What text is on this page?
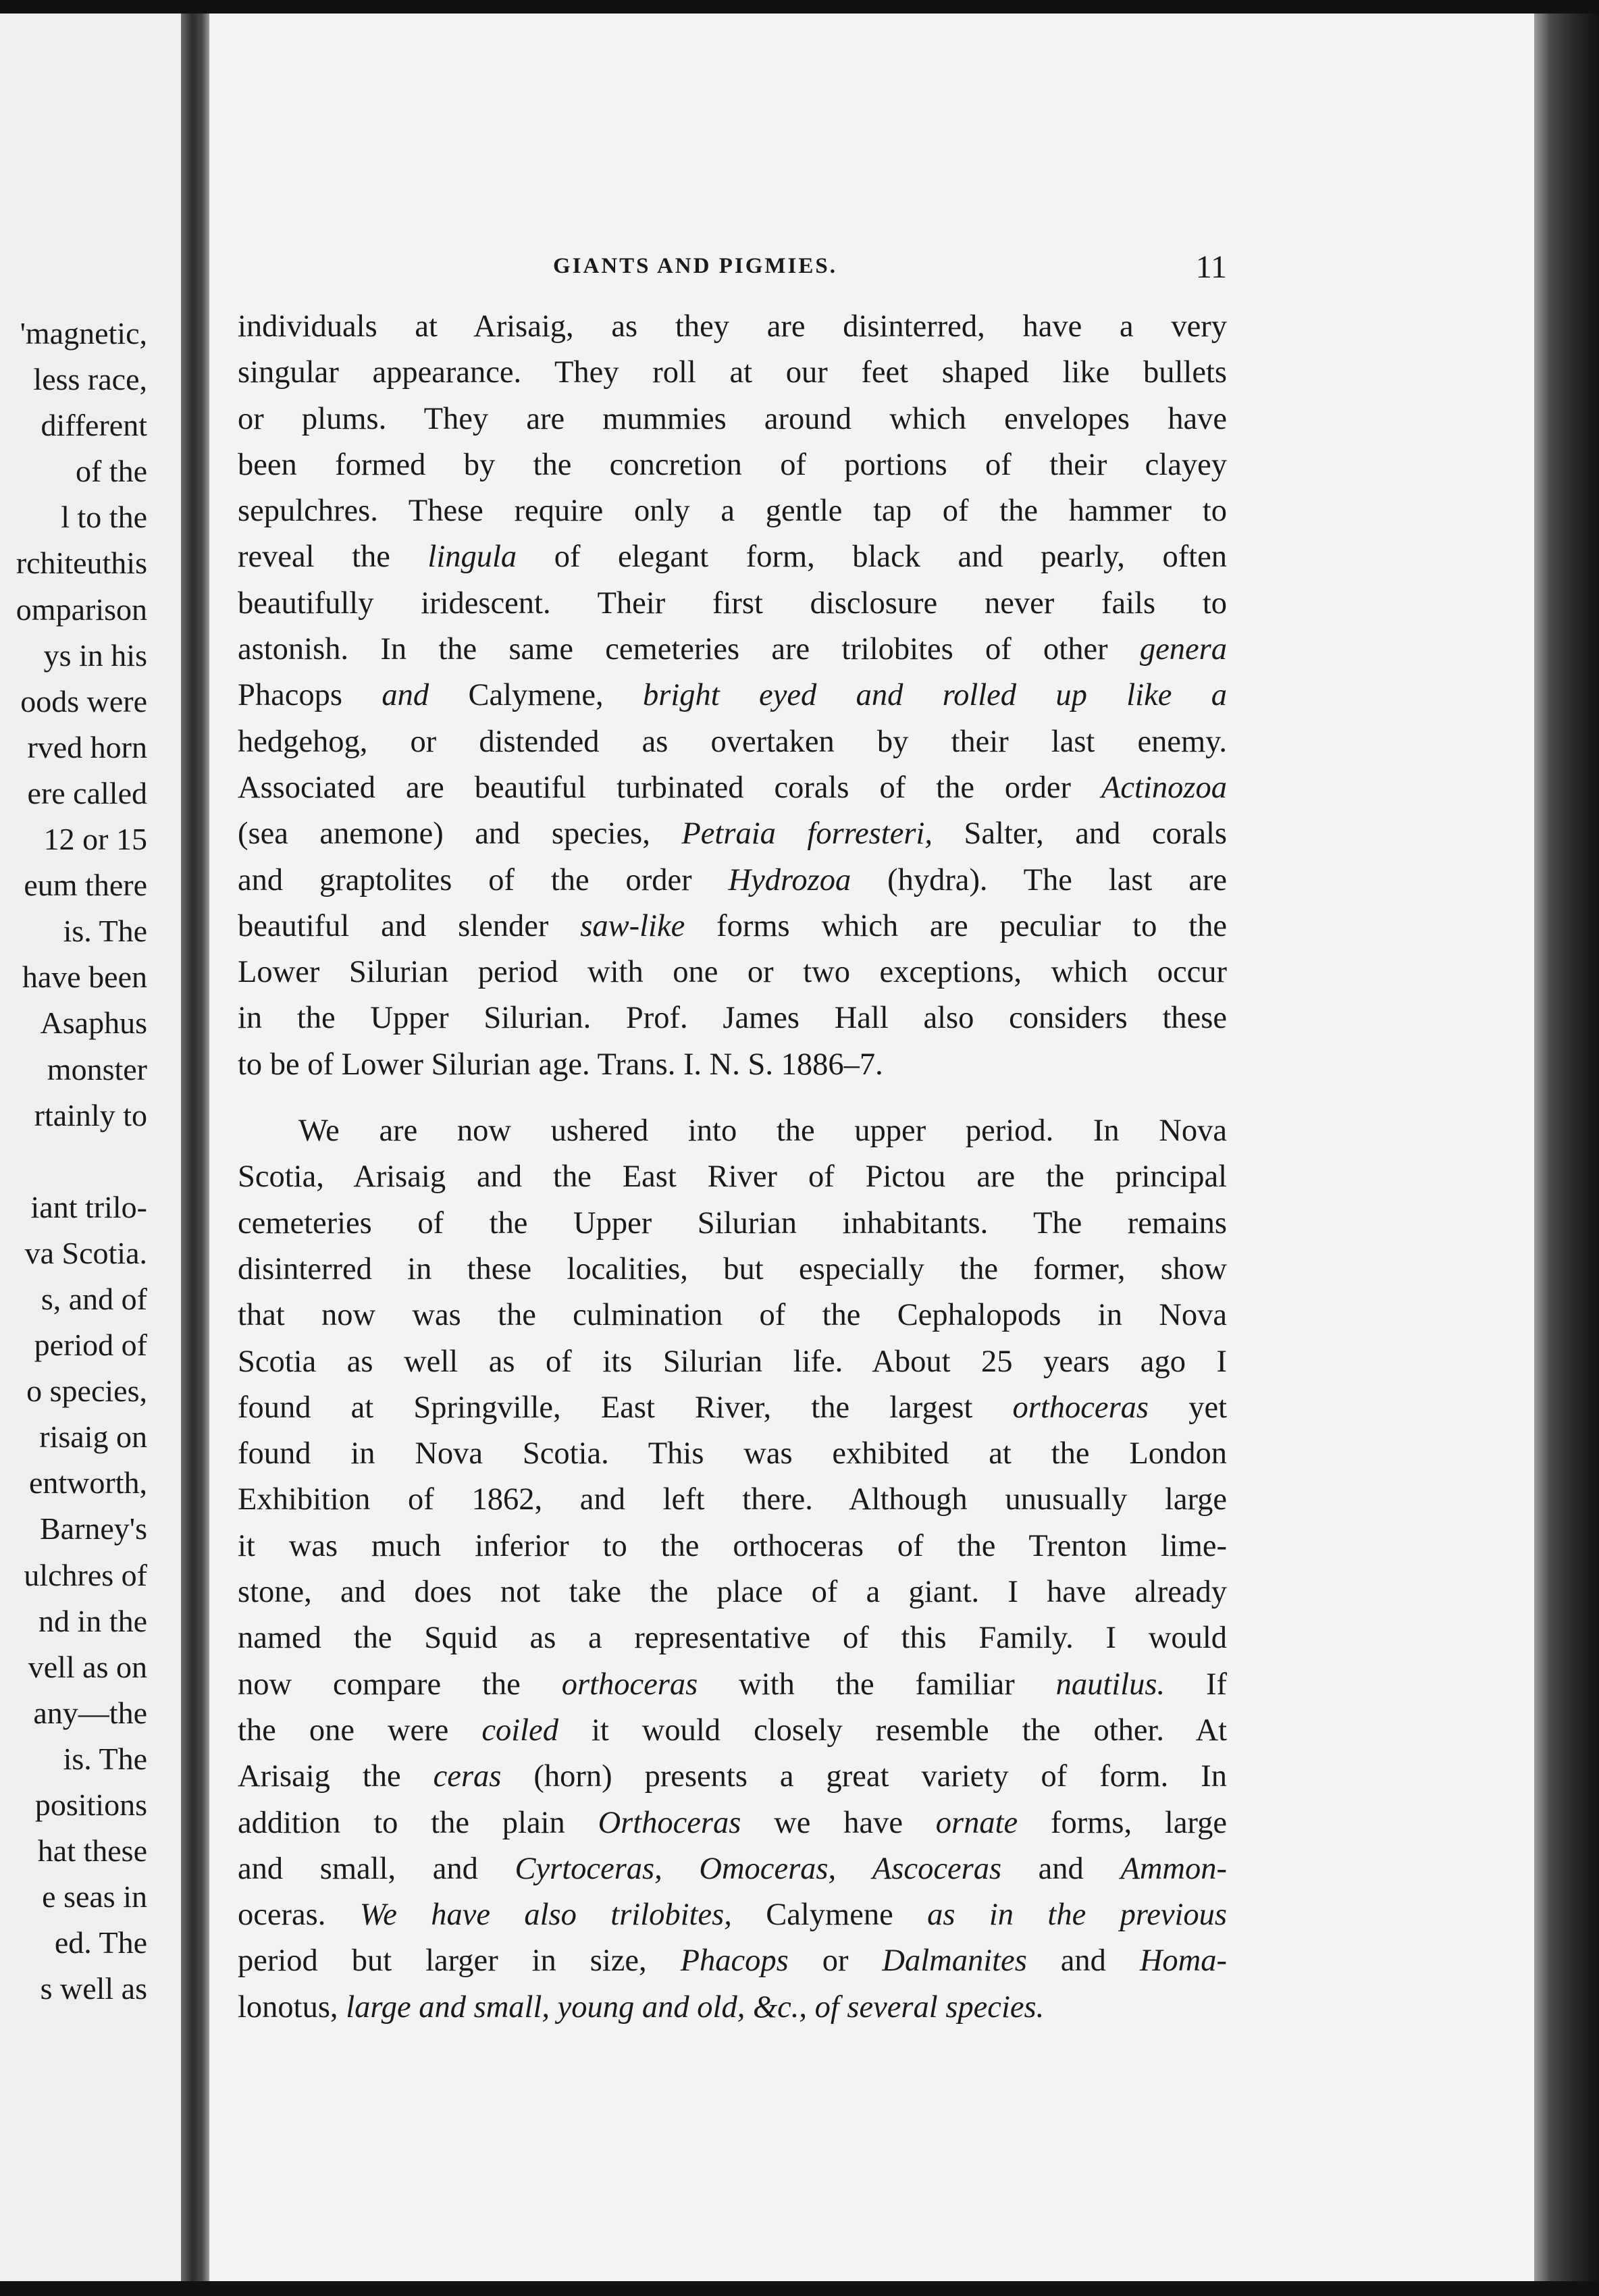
'magnetic,
less race,
different
of the
l to the
rchiteuthis
omparison
ys in his
oods were
rved horn
ere called
12 or 15
eum there
is. The
have been
Asaphus
monster
rtainly to
iant trilo-
va Scotia.
s, and of
period of
o species,
risaig on
entworth,
Barney's
ulchres of
nd in the
vell as on
any—the
is. The
positions
hat these
e seas in
ed. The
s well as
GIANTS AND PIGMIES.	11
individuals at Arisaig, as they are disinterred, have a very
singular appearance. They roll at our feet shaped like bullets
or plums. They are mummies around which envelopes have
been formed by the concretion of portions of their clayey
sepulchres. These require only a gentle tap of the hammer to
reveal the lingula of elegant form, black and pearly, often
beautifully iridescent. Their first disclosure never fails to
astonish. In the same cemeteries are trilobites of other genera
Phacops and Calymene, bright eyed and rolled up like a
hedgehog, or distended as overtaken by their last enemy.
Associated are beautiful turbinated corals of the order Actinozoa
(sea anemone) and species, Petraia forresteri, Salter, and corals
and graptolites of the order Hydrozoa (hydra). The last are
beautiful and slender saw-like forms which are peculiar to the
Lower Silurian period with one or two exceptions, which occur
in the Upper Silurian. Prof. James Hall also considers these
to be of Lower Silurian age. Trans. I. N. S. 1886–7.
We are now ushered into the upper period. In Nova
Scotia, Arisaig and the East River of Pictou are the principal
cemeteries of the Upper Silurian inhabitants. The remains
disinterred in these localities, but especially the former, show
that now was the culmination of the Cephalopods in Nova
Scotia as well as of its Silurian life. About 25 years ago I
found at Springville, East River, the largest orthoceras yet
found in Nova Scotia. This was exhibited at the London
Exhibition of 1862, and left there. Although unusually large
it was much inferior to the orthoceras of the Trenton lime-
stone, and does not take the place of a giant. I have already
named the Squid as a representative of this Family. I would
now compare the orthoceras with the familiar nautilus. If
the one were coiled it would closely resemble the other. At
Arisaig the ceras (horn) presents a great variety of form. In
addition to the plain Orthoceras we have ornate forms, large
and small, and Cyrtoceras, Omoceras, Ascoceras and Ammon-
oceras. We have also trilobites, Calymene as in the previous
period but larger in size, Phacops or Dalmanites and Homa-
lonotus, large and small, young and old, &c., of several species.
